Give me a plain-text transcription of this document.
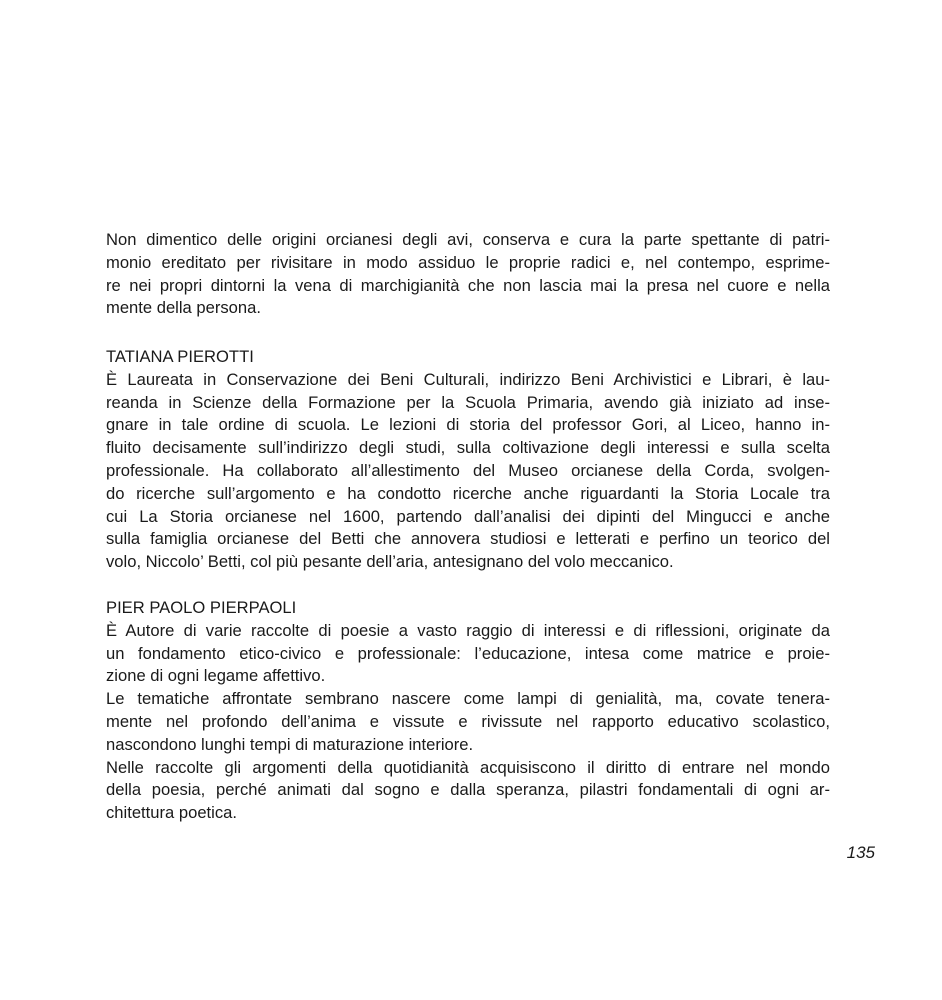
Non dimentico delle origini orcianesi degli avi, conserva e cura la parte spettante di patri-
monio ereditato per rivisitare in modo assiduo le proprie radici e, nel contempo, esprime-
re nei propri dintorni la vena di marchigianità che non lascia mai la presa nel cuore e nella
mente della persona.
TATIANA PIEROTTI
È Laureata in Conservazione dei Beni Culturali, indirizzo Beni Archivistici e Librari, è lau-
reanda in Scienze della Formazione per la Scuola Primaria, avendo già iniziato ad inse-
gnare in tale ordine di scuola. Le lezioni di storia del professor Gori, al Liceo, hanno in-
fluito decisamente sull’indirizzo degli studi, sulla coltivazione degli interessi e sulla scelta
professionale. Ha collaborato all’allestimento del Museo orcianese della Corda, svolgen-
do ricerche sull’argomento e ha condotto ricerche anche riguardanti la Storia Locale tra
cui La Storia orcianese nel 1600, partendo dall’analisi dei dipinti del Mingucci e anche
sulla famiglia orcianese del Betti che annovera studiosi e letterati e perfino un teorico del
volo, Niccolo’ Betti, col più pesante dell’aria, antesignano del volo meccanico.
PIER PAOLO PIERPAOLI
È Autore di varie raccolte di poesie a vasto raggio di interessi e di riflessioni, originate da
un fondamento etico-civico e professionale: l’educazione, intesa come matrice e proie-
zione di ogni legame affettivo.
Le tematiche affrontate sembrano nascere come lampi di genialità, ma, covate tenera-
mente nel profondo dell’anima e vissute e rivissute nel rapporto educativo scolastico,
nascondono lunghi tempi di maturazione interiore.
Nelle raccolte gli argomenti della quotidianità acquisiscono il diritto di entrare nel mondo
della poesia, perché animati dal sogno e dalla speranza, pilastri fondamentali di ogni ar-
chitettura poetica.
135
